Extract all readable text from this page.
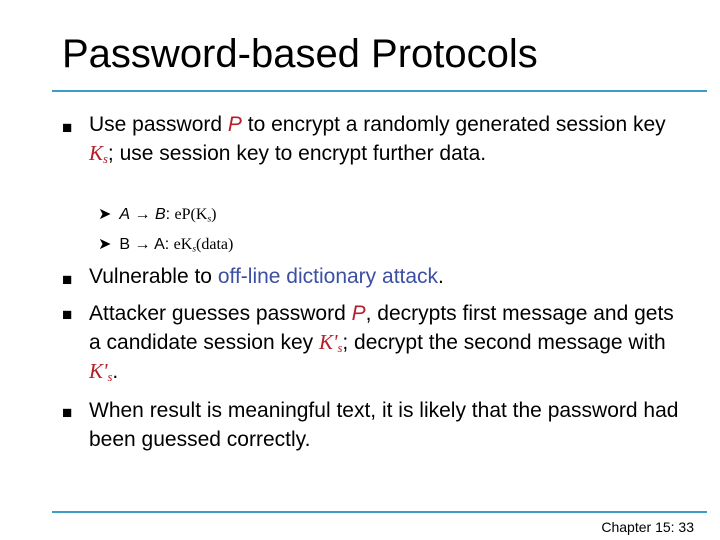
Password-based Protocols
■ Use password P to encrypt a randomly generated session key $K_s$; use session key to encrypt further data.
➤ A → B: $eP(K_s)$
➤ B → A: $eK_s(data)$
■ Vulnerable to off-line dictionary attack.
■ Attacker guesses password P, decrypts first message and gets a candidate session key $K'_s$; decrypt the second message with $K'_s$.
■ When result is meaningful text, it is likely that the password had been guessed correctly.
Chapter 15: 33
